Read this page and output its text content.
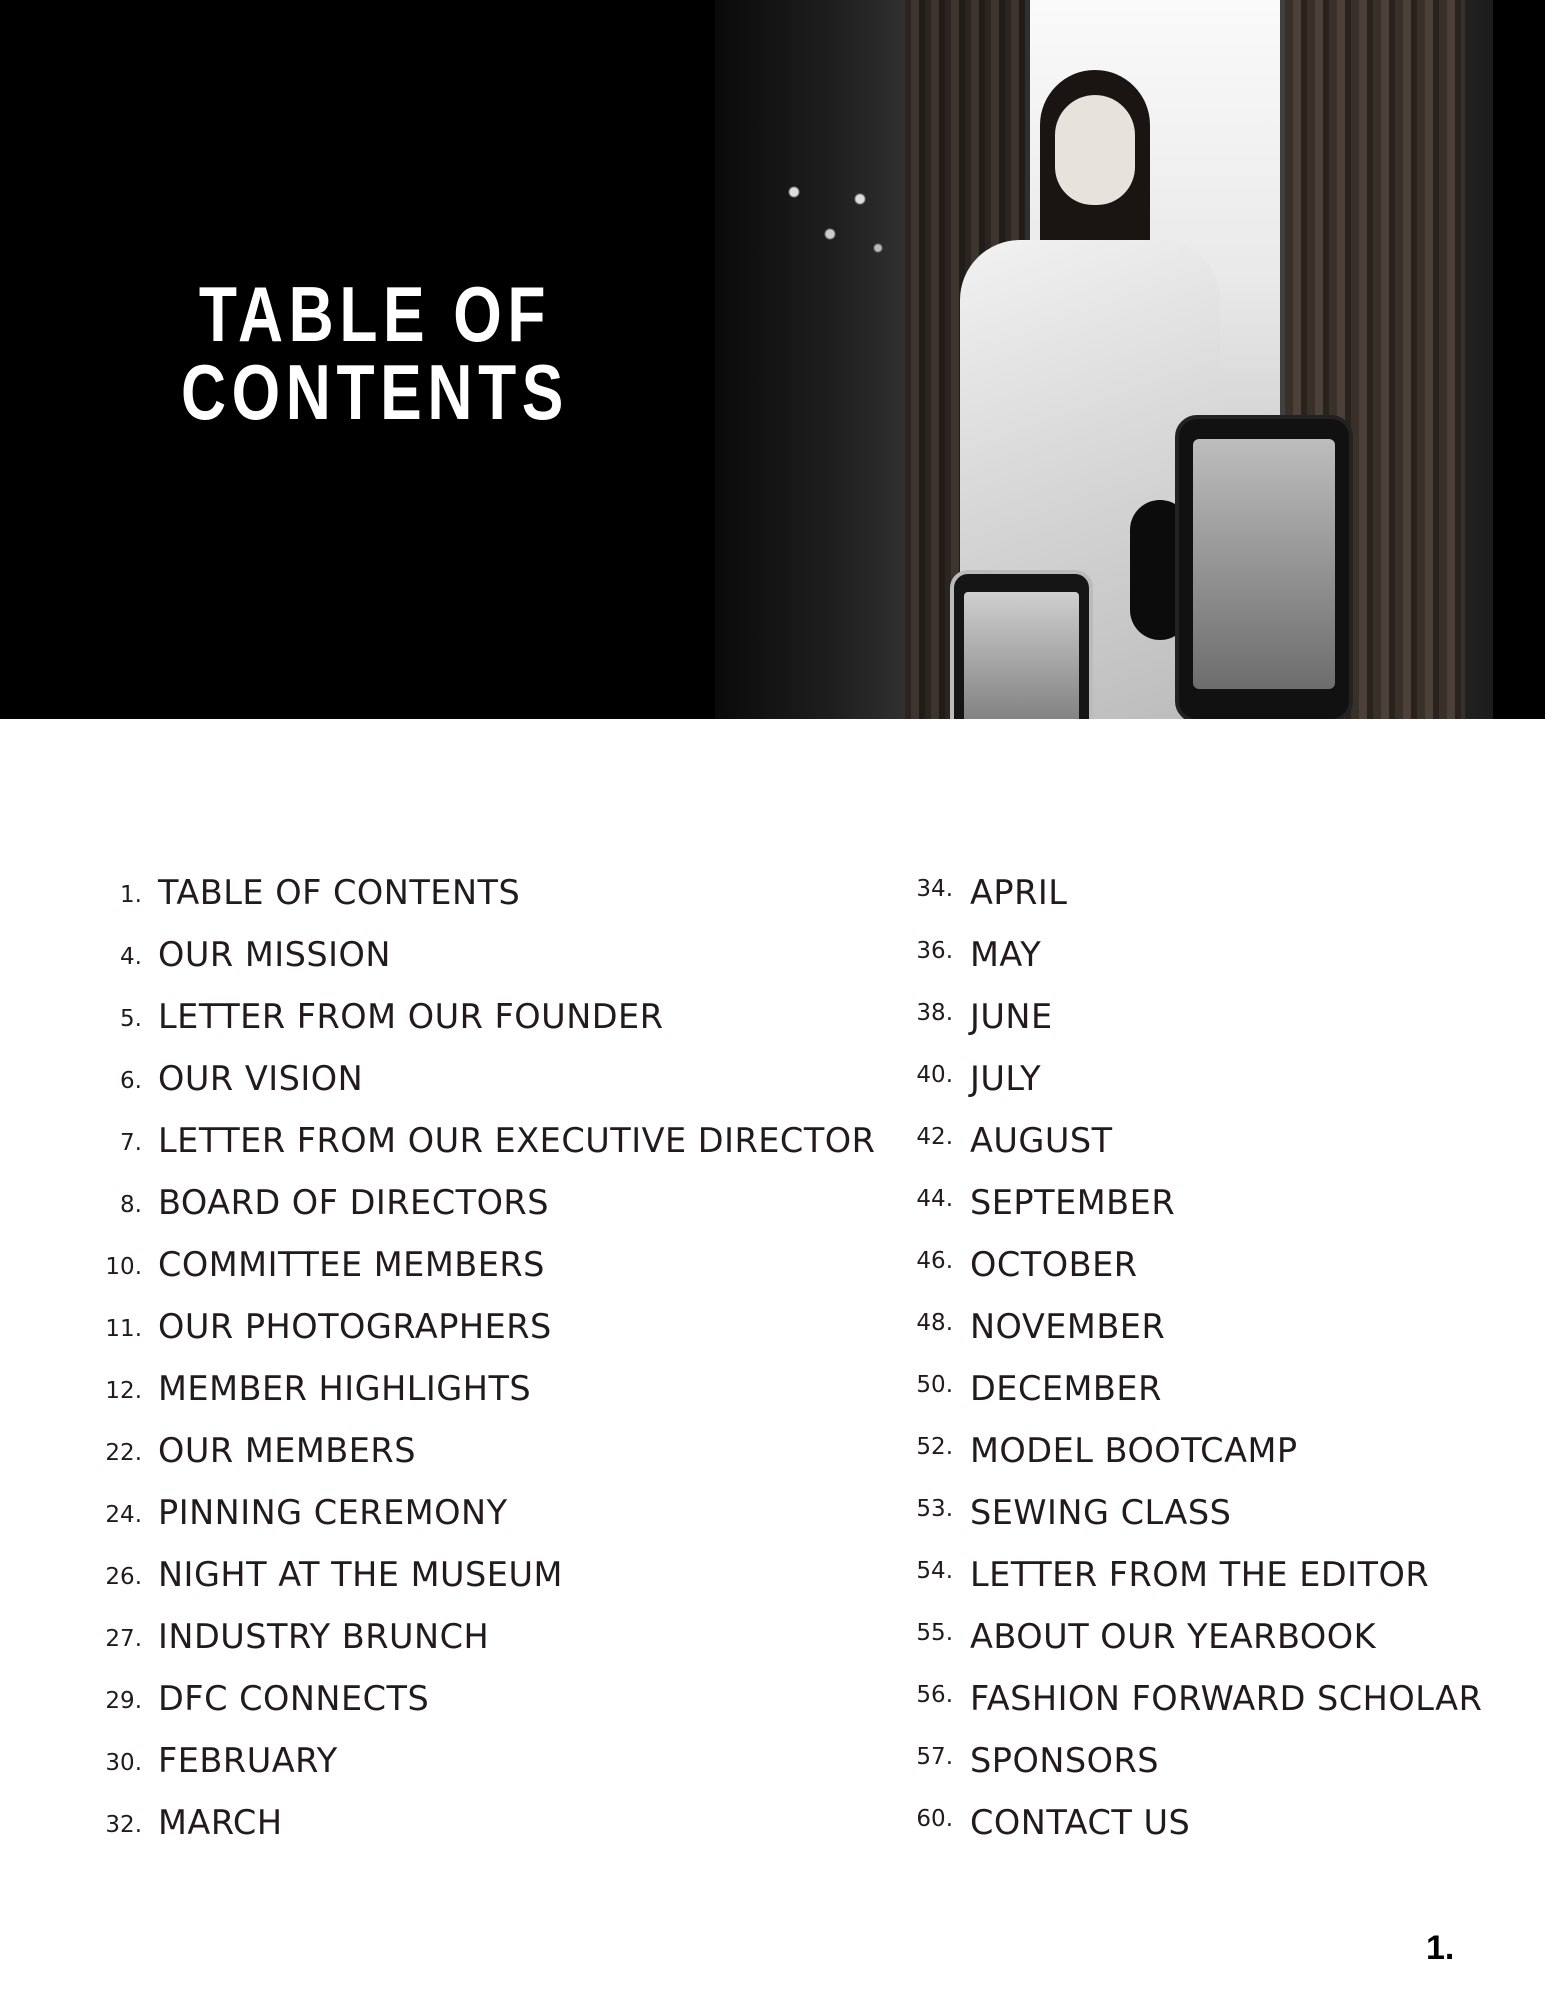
TABLE OF
CONTENTS
1. TABLE OF CONTENTS
4. OUR MISSION
5. LETTER FROM OUR FOUNDER
6. OUR VISION
7. LETTER FROM OUR EXECUTIVE DIRECTOR
8. BOARD OF DIRECTORS
10. COMMITTEE MEMBERS
11. OUR PHOTOGRAPHERS
12. MEMBER HIGHLIGHTS
22. OUR MEMBERS
24. PINNING CEREMONY
26. NIGHT AT THE MUSEUM
27. INDUSTRY BRUNCH
29. DFC CONNECTS
30. FEBRUARY
32. MARCH
34. APRIL
36. MAY
38. JUNE
40. JULY
42. AUGUST
44. SEPTEMBER
46. OCTOBER
48. NOVEMBER
50. DECEMBER
52. MODEL BOOTCAMP
53. SEWING CLASS
54. LETTER FROM THE EDITOR
55. ABOUT OUR YEARBOOK
56. FASHION FORWARD SCHOLAR
57. SPONSORS
60. CONTACT US
1.
